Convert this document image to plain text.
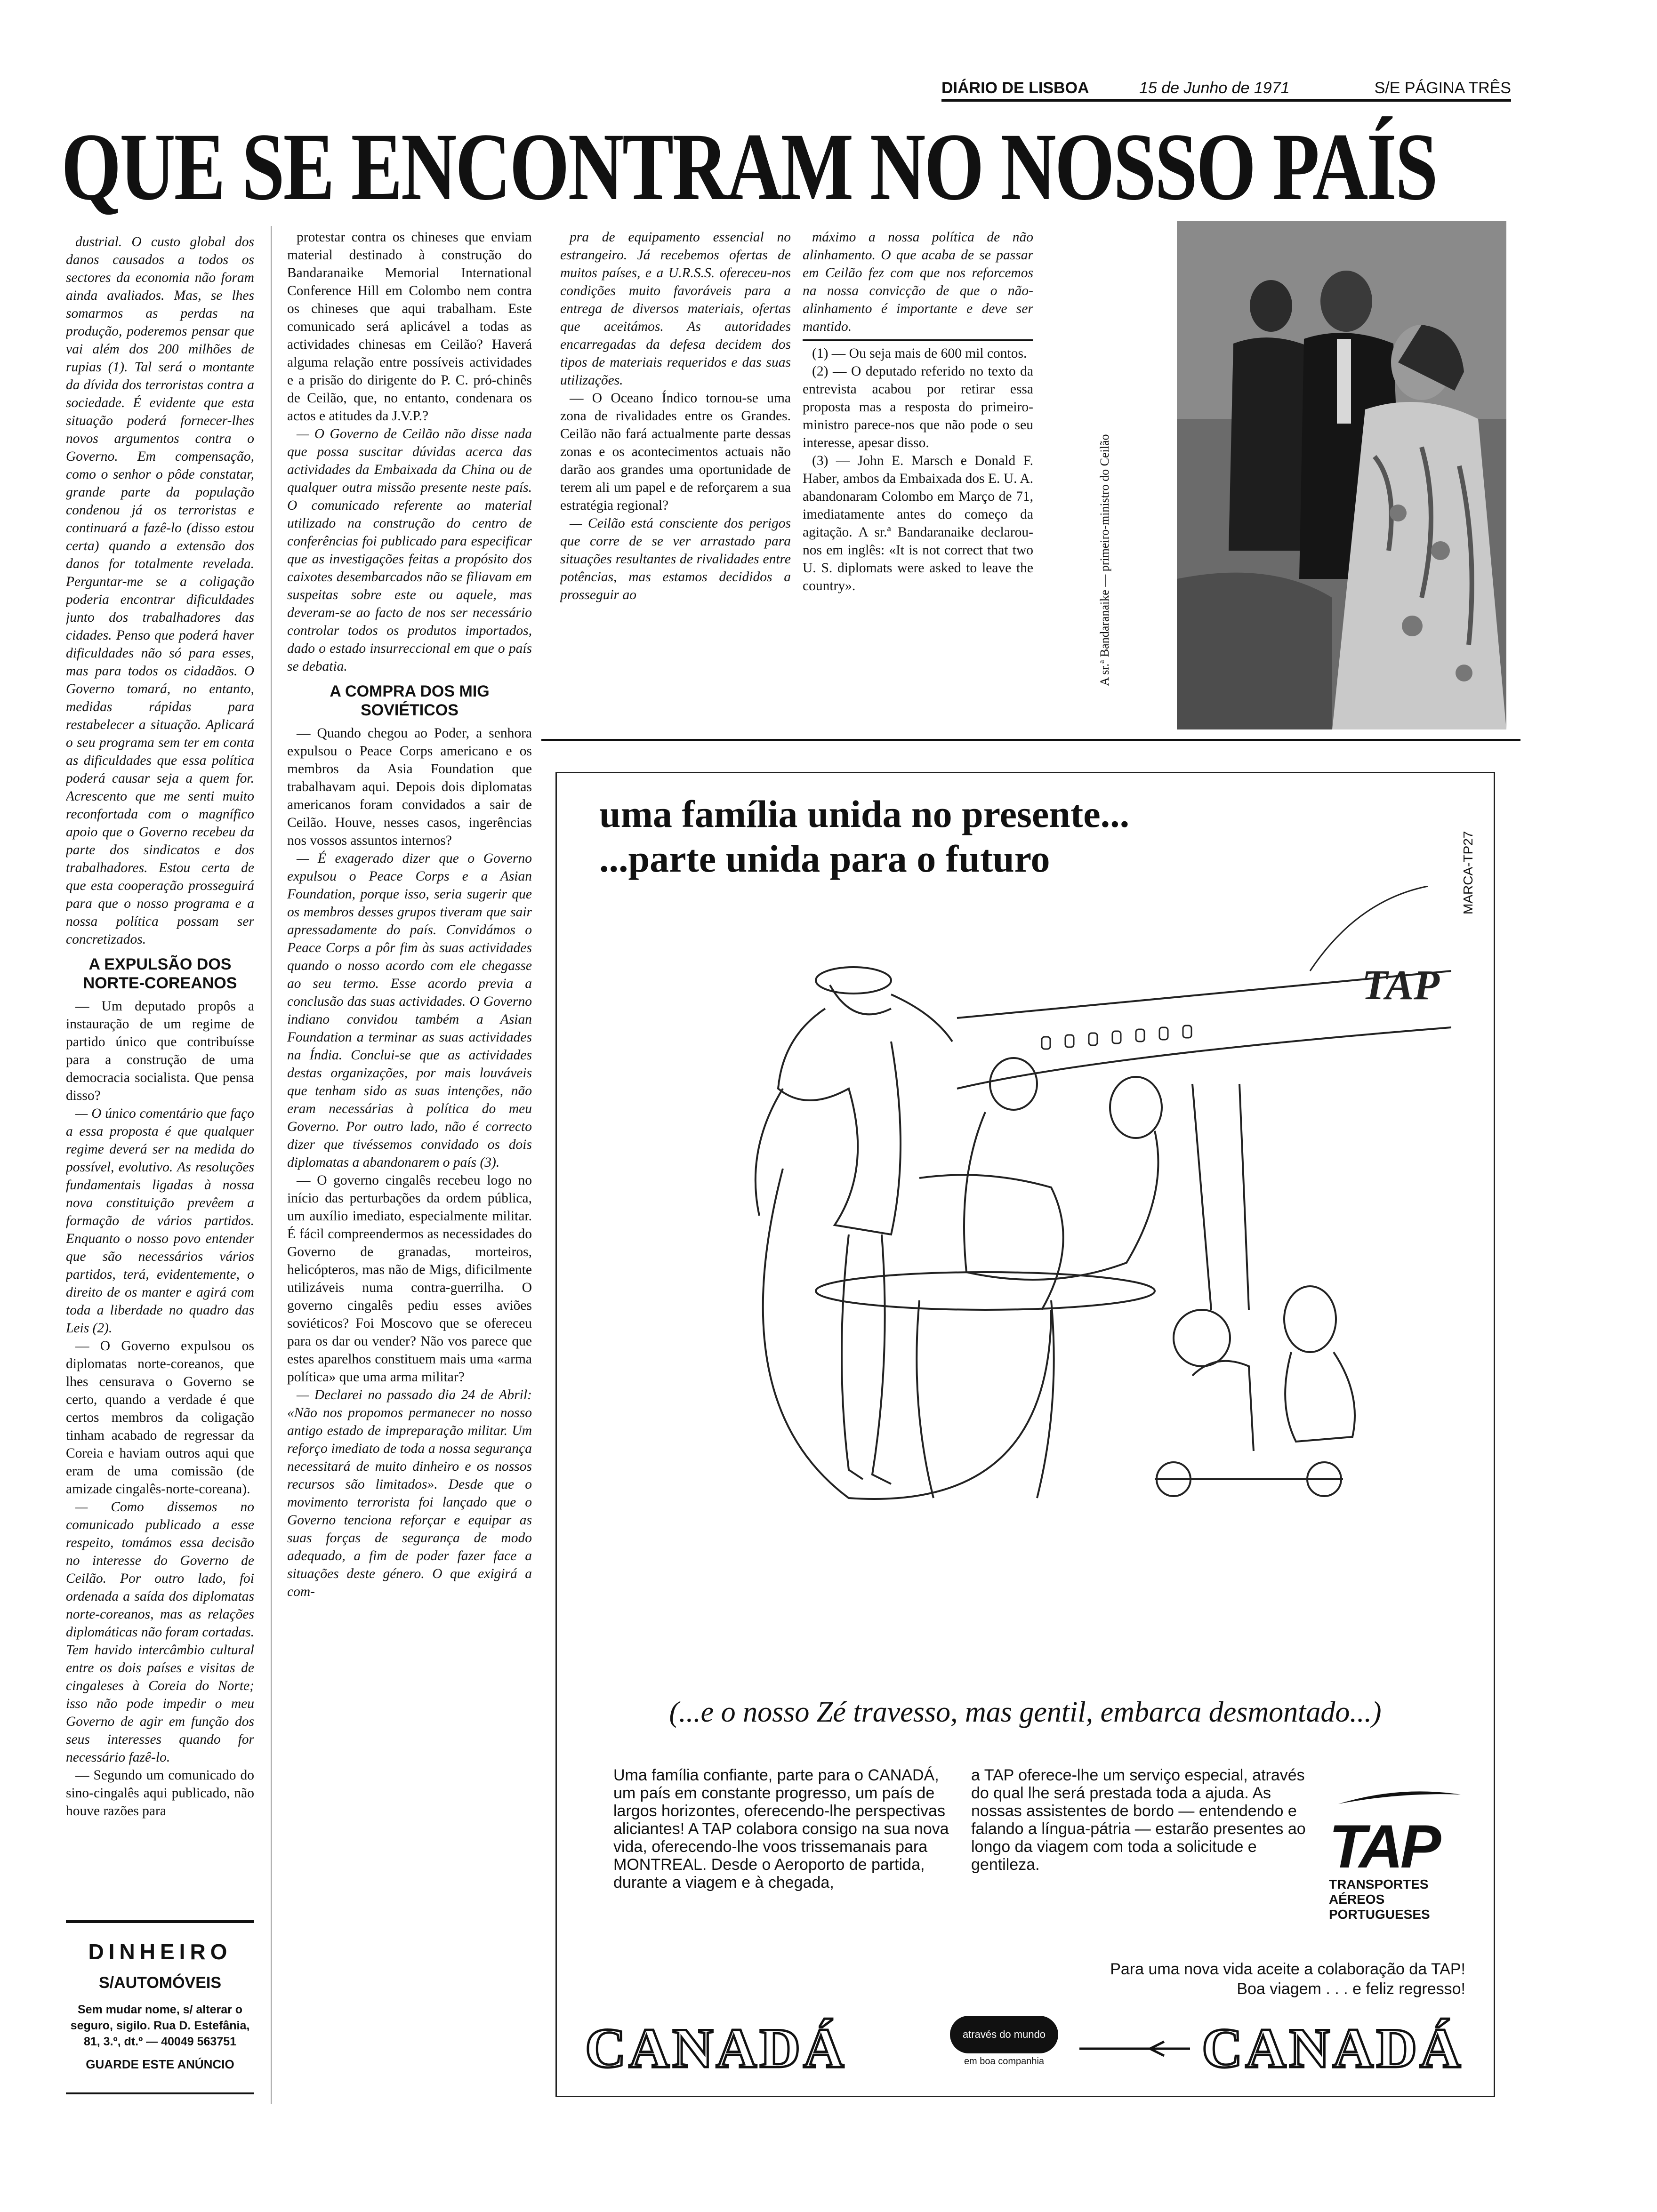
DIÁRIO DE LISBOA	15 de Junho de 1971	S/E PÁGINA TRÊS
QUE SE ENCONTRAM NO NOSSO PAÍS

dustrial. O custo global dos danos causados a todos os sectores da economia não foram ainda avaliados. Mas, se lhes somarmos as perdas na produção, poderemos pensar que vai além dos 200 milhões de rupias (1). Tal será o montante da dívida dos terroristas contra a sociedade. É evidente que esta situação poderá fornecer-lhes novos argumentos contra o Governo. Em compensação, como o senhor o pôde constatar, grande parte da população condenou já os terroristas e continuará a fazê-lo (disso estou certa) quando a extensão dos danos for totalmente revelada. Perguntar-me se a coligação poderia encontrar dificuldades junto dos trabalhadores das cidades. Penso que poderá haver dificuldades não só para esses, mas para todos os cidadãos. O Governo tomará, no entanto, medidas rápidas para restabelecer a situação. Aplicará o seu programa sem ter em conta as dificuldades que essa política poderá causar seja a quem for. Acrescento que me senti muito reconfortada com o magnífico apoio que o Governo recebeu da parte dos sindicatos e dos trabalhadores. Estou certa de que esta cooperação prosseguirá para que o nosso programa e a nossa política possam ser concretizados.

A EXPULSÃO DOS NORTE-COREANOS

— Um deputado propôs a instauração de um regime de partido único que contribuísse para a construção de uma democracia socialista. Que pensa disso?

— O único comentário que faço a essa proposta é que qualquer regime deverá ser na medida do possível, evolutivo. As resoluções fundamentais ligadas à nossa nova constituição prevêem a formação de vários partidos. Enquanto o nosso povo entender que são necessários vários partidos, terá, evidentemente, o direito de os manter e agirá com toda a liberdade no quadro das Leis (2).

— O Governo expulsou os diplomatas norte-coreanos, que lhes censurava o Governo se certo, quando a verdade é que certos membros da coligação tinham acabado de regressar da Coreia e haviam outros aqui que eram de uma comissão (de amizade cingalês-norte-coreana).

— Como dissemos no comunicado publicado a esse respeito, tomámos essa decisão no interesse do Governo de Ceilão. Por outro lado, foi ordenada a saída dos diplomatas norte-coreanos, mas as relações diplomáticas não foram cortadas. Tem havido intercâmbio cultural entre os dois países e visitas de cingaleses à Coreia do Norte; isso não pode impedir o meu Governo de agir em função dos seus interesses quando for necessário fazê-lo.

— Segundo um comunicado do sino-cingalês aqui publicado, não houve razões para

protestar contra os chineses que enviam material destinado à construção do Bandaranaike Memorial International Conference Hill em Colombo nem contra os chineses que aqui trabalham. Este comunicado será aplicável a todas as actividades chinesas em Ceilão? Haverá alguma relação entre possíveis actividades e a prisão do dirigente do P. C. pró-chinês de Ceilão, que, no entanto, condenara os actos e atitudes da J.V.P.?

— O Governo de Ceilão não disse nada que possa suscitar dúvidas acerca das actividades da Embaixada da China ou de qualquer outra missão presente neste país. O comunicado referente ao material utilizado na construção do centro de conferências foi publicado para especificar que as investigações feitas a propósito dos caixotes desembarcados não se filiavam em suspeitas sobre este ou aquele, mas deveram-se ao facto de nos ser necessário controlar todos os produtos importados, dado o estado insurreccional em que o país se debatia.

A COMPRA DOS MIG SOVIÉTICOS

— Quando chegou ao Poder, a senhora expulsou o Peace Corps americano e os membros da Asia Foundation que trabalhavam aqui. Depois dois diplomatas americanos foram convidados a sair de Ceilão. Houve, nesses casos, ingerências nos vossos assuntos internos?

— É exagerado dizer que o Governo expulsou o Peace Corps e a Asian Foundation, porque isso, seria sugerir que os membros desses grupos tiveram que sair apressadamente do país. Convidámos o Peace Corps a pôr fim às suas actividades quando o nosso acordo com ele chegasse ao seu termo. Esse acordo previa a conclusão das suas actividades. O Governo indiano convidou também a Asian Foundation a terminar as suas actividades na Índia. Conclui-se que as actividades destas organizações, por mais louváveis que tenham sido as suas intenções, não eram necessárias à política do meu Governo. Por outro lado, não é correcto dizer que tivéssemos convidado os dois diplomatas a abandonarem o país (3).

— O governo cingalês recebeu logo no início das perturbações da ordem pública, um auxílio imediato, especialmente militar. É fácil compreendermos as necessidades do Governo de granadas, morteiros, helicópteros, mas não de Migs, dificilmente utilizáveis numa contra-guerrilha. O governo cingalês pediu esses aviões soviéticos? Foi Moscovo que se ofereceu para os dar ou vender? Não vos parece que estes aparelhos constituem mais uma «arma política» que uma arma militar?

— Declarei no passado dia 24 de Abril: «Não nos propomos permanecer no nosso antigo estado de impreparação militar. Um reforço imediato de toda a nossa segurança necessitará de muito dinheiro e os nossos recursos são limitados». Desde que o movimento terrorista foi lançado que o Governo tenciona reforçar e equipar as suas forças de segurança de modo adequado, a fim de poder fazer face a situações deste género. O que exigirá a com-

pra de equipamento essencial no estrangeiro. Já recebemos ofertas de muitos países, e a U.R.S.S. ofereceu-nos condições muito favoráveis para a entrega de diversos materiais, ofertas que aceitámos. As autoridades encarregadas da defesa decidem dos tipos de materiais requeridos e das suas utilizações.

— O Oceano Índico tornou-se uma zona de rivalidades entre os Grandes. Ceilão não fará actualmente parte dessas zonas e os acontecimentos actuais não darão aos grandes uma oportunidade de terem ali um papel e de reforçarem a sua estratégia regional?

— Ceilão está consciente dos perigos que corre de se ver arrastado para situações resultantes de rivalidades entre potências, mas estamos decididos a prosseguir ao

máximo a nossa política de não alinhamento. O que acaba de se passar em Ceilão fez com que nos reforcemos na nossa convicção de que o não-alinhamento é importante e deve ser mantido.

(1) — Ou seja mais de 600 mil contos.

(2) — O deputado referido no texto da entrevista acabou por retirar essa proposta mas a resposta do primeiro-ministro parece-nos que não pode o seu interesse, apesar disso.

(3) — John E. Marsch e Donald F. Haber, ambos da Embaixada dos E. U. A. abandonaram Colombo em Março de 71, imediatamente antes do começo da agitação. A sr.ª Bandaranaike declarou-nos em inglês: «It is not correct that two U. S. diplomats were asked to leave the country».	A sr.ª Bandaranaike — primeiro-ministro do Ceilão
uma família unida no presente...
...parte unida para o futuro	MARCA-TP27
TAP
(...e o nosso Zé travesso, mas gentil, embarca desmontado...)
Uma família confiante, parte para o CANADÁ, um país em constante progresso, um país de largos horizontes, oferecendo-lhe perspectivas aliciantes! A TAP colabora consigo na sua nova vida, oferecendo-lhe voos trissemanais para MONTREAL. Desde o Aeroporto de partida, durante a viagem e à chegada,
a TAP oferece-lhe um serviço especial, através do qual lhe será prestada toda a ajuda. As nossas assistentes de bordo — entendendo e falando a língua-pátria — estarão presentes ao longo da viagem com toda a solicitude e gentileza.	TAP
TRANSPORTES
AÉREOS
PORTUGUESES
Para uma nova vida aceite a colaboração da TAP!
Boa viagem . . . e feliz regresso!
CANADÁ	CANADÁ
através do mundo
em boa companhia
DINHEIRO
S/AUTOMÓVEIS
Sem mudar nome, s/ alterar o seguro, sigilo. Rua D. Estefânia, 81, 3.º, dt.º — 40049 563751
GUARDE ESTE ANÚNCIO
